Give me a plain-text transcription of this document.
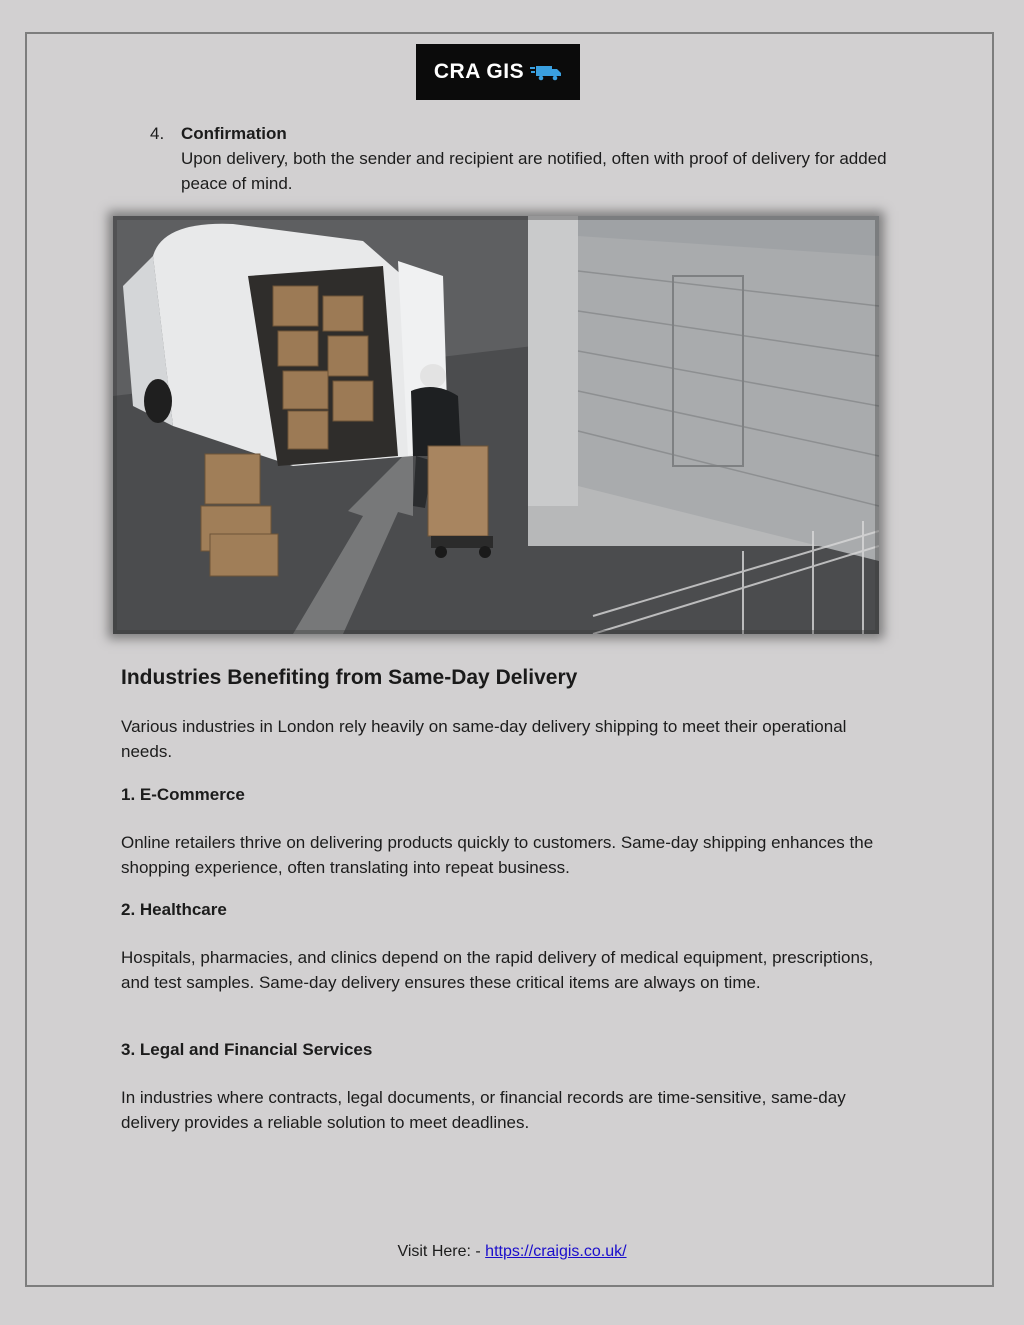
CRA GIS
4. Confirmation
Upon delivery, both the sender and recipient are notified, often with proof of delivery for added peace of mind.
Industries Benefiting from Same-Day Delivery
Various industries in London rely heavily on same-day delivery shipping to meet their operational needs.
1. E-Commerce
Online retailers thrive on delivering products quickly to customers. Same-day shipping enhances the shopping experience, often translating into repeat business.
2. Healthcare
Hospitals, pharmacies, and clinics depend on the rapid delivery of medical equipment, prescriptions, and test samples. Same-day delivery ensures these critical items are always on time.
3. Legal and Financial Services
In industries where contracts, legal documents, or financial records are time-sensitive, same-day delivery provides a reliable solution to meet deadlines.
Visit Here: - https://craigis.co.uk/
